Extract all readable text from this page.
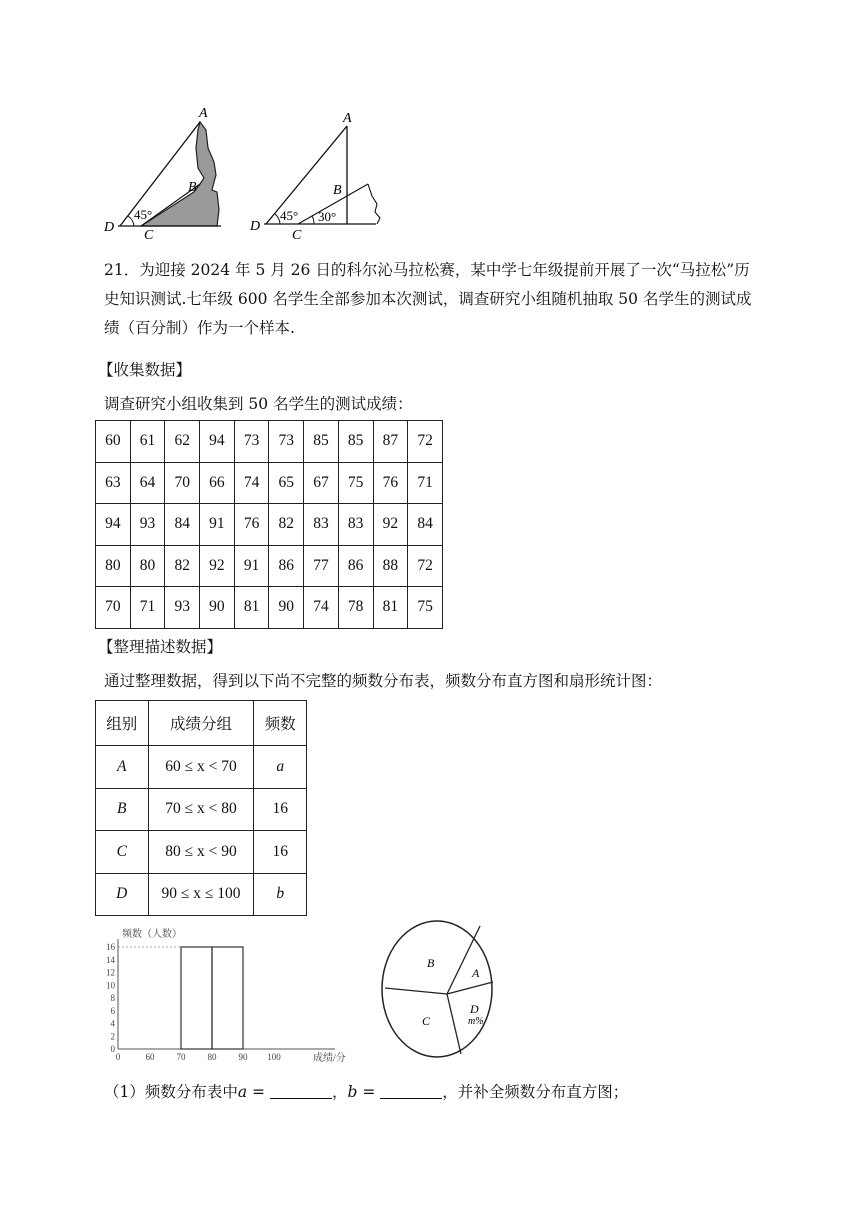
A
B
C
D
45°
A
B
C
D
45° 30°
21．为迎接 2024 年 5 月 26 日的科尔沁马拉松赛，某中学七年级提前开展了一次“马拉松”历史知识测试.七年级 600 名学生全部参加本次测试，调查研究小组随机抽取 50 名学生的测试成绩（百分制）作为一个样本.
【收集数据】
调查研究小组收集到 50 名学生的测试成绩：
60	61	62	94	73	73	85	85	87	72
63	64	70	66	74	65	67	75	76	71
94	93	84	91	76	82	83	83	92	84
80	80	82	92	91	86	77	86	88	72
70	71	93	90	81	90	74	78	81	75
【整理描述数据】
通过整理数据，得到以下尚不完整的频数分布表，频数分布直方图和扇形统计图：
组别	成绩分组	频数
A	60 ≤ x < 70	a
B	70 ≤ x < 80	16
C	80 ≤ x < 90	16
D	90 ≤ x ≤ 100	b
0
2
4
6
8
10
12
14
16
0	60 70 80 90 100
频数（人数）
成绩/分
B
A
C
D
m%
（1）频数分布表中a =	，b =	，并补全频数分布直方图；
